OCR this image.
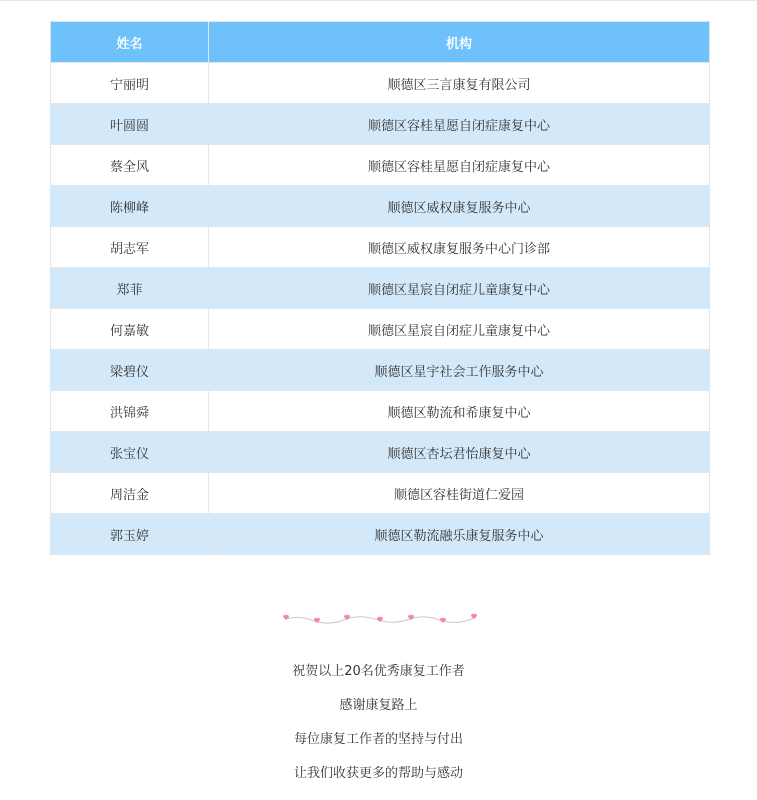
姓名	机构
宁丽明	顺德区三言康复有限公司
叶圆圆	顺德区容桂星愿自闭症康复中心
蔡全风	顺德区容桂星愿自闭症康复中心
陈柳峰	顺德区威权康复服务中心
胡志军	顺德区威权康复服务中心门诊部
郑菲	顺德区星宸自闭症儿童康复中心
何嘉敏	顺德区星宸自闭症儿童康复中心
梁碧仪	顺德区星宇社会工作服务中心
洪锦舜	顺德区勒流和希康复中心
张宝仪	顺德区杏坛君怡康复中心
周洁金	顺德区容桂街道仁爱园
郭玉婷	顺德区勒流融乐康复服务中心
祝贺以上20名优秀康复工作者
感谢康复路上
每位康复工作者的坚持与付出
让我们收获更多的帮助与感动
